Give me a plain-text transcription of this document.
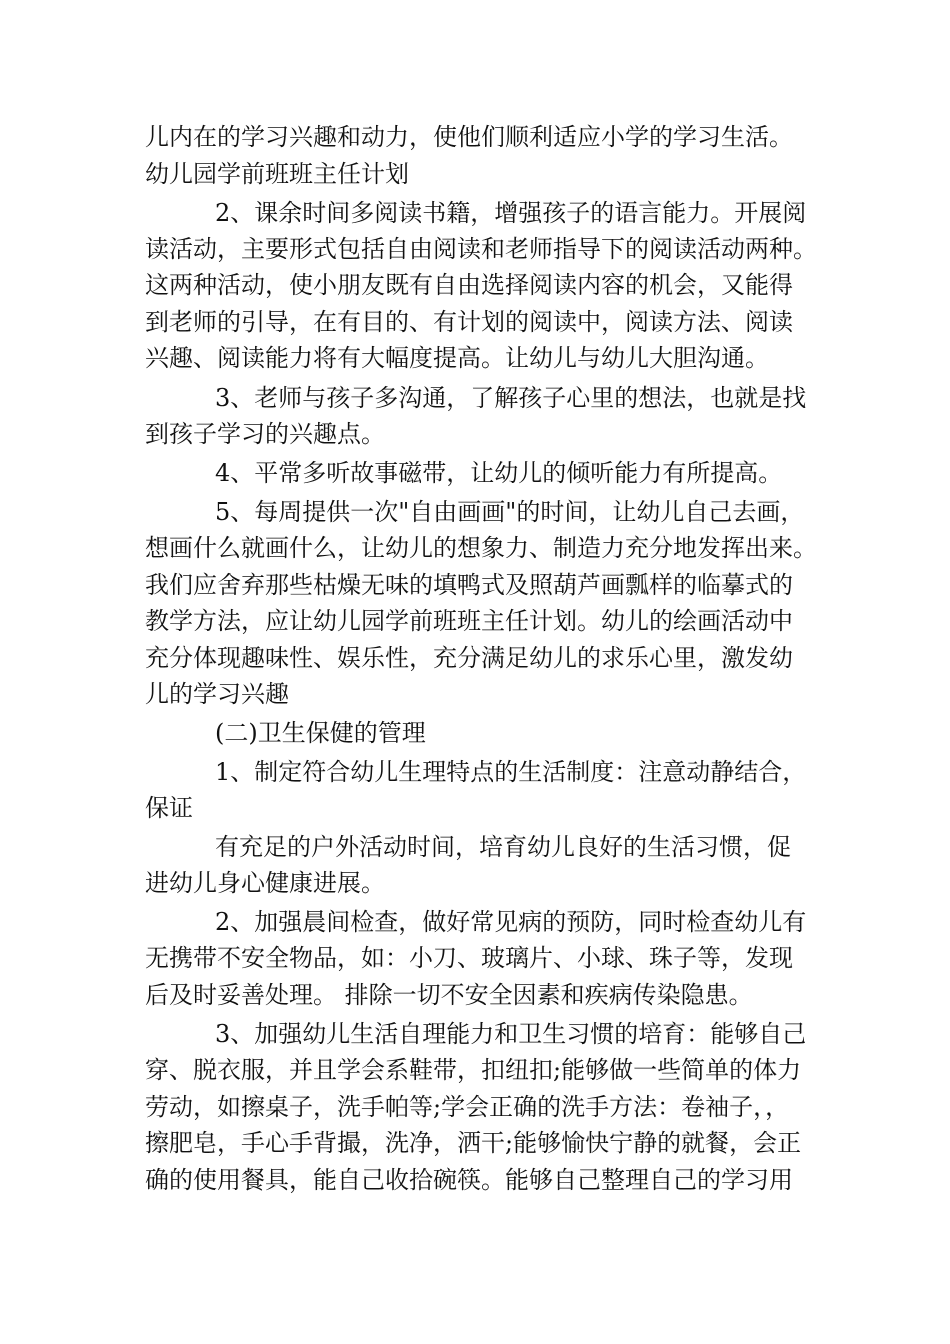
儿内在的学习兴趣和动力，使他们顺利适应小学的学习生活。

幼儿园学前班班主任计划

2、课余时间多阅读书籍，增强孩子的语言能力。开展阅

读活动，主要形式包括自由阅读和老师指导下的阅读活动两种。

这两种活动，使小朋友既有自由选择阅读内容的机会，又能得

到老师的引导，在有目的、有计划的阅读中，阅读方法、阅读

兴趣、阅读能力将有大幅度提高。让幼儿与幼儿大胆沟通。

3、老师与孩子多沟通，了解孩子心里的想法，也就是找

到孩子学习的兴趣点。

4、平常多听故事磁带，让幼儿的倾听能力有所提高。

5、每周提供一次"自由画画"的时间，让幼儿自己去画，

想画什么就画什么，让幼儿的想象力、制造力充分地发挥出来。

我们应舍弃那些枯燥无味的填鸭式及照葫芦画瓢样的临摹式的

教学方法，应让幼儿园学前班班主任计划。幼儿的绘画活动中

充分体现趣味性、娱乐性，充分满足幼儿的求乐心里，激发幼

儿的学习兴趣

(二)卫生保健的管理

1、制定符合幼儿生理特点的生活制度：注意动静结合，

保证

有充足的户外活动时间，培育幼儿良好的生活习惯，促

进幼儿身心健康进展。

2、加强晨间检查，做好常见病的预防，同时检查幼儿有

无携带不安全物品，如：小刀、玻璃片、小球、珠子等，发现

后及时妥善处理。 排除一切不安全因素和疾病传染隐患。

3、加强幼儿生活自理能力和卫生习惯的培育：能够自己

穿、脱衣服，并且学会系鞋带，扣纽扣;能够做一些简单的体力

劳动，如擦桌子，洗手帕等;学会正确的洗手方法：卷袖子，，

擦肥皂，手心手背撮，洗净，洒干;能够愉快宁静的就餐，会正

确的使用餐具，能自己收拾碗筷。能够自己整理自己的学习用
